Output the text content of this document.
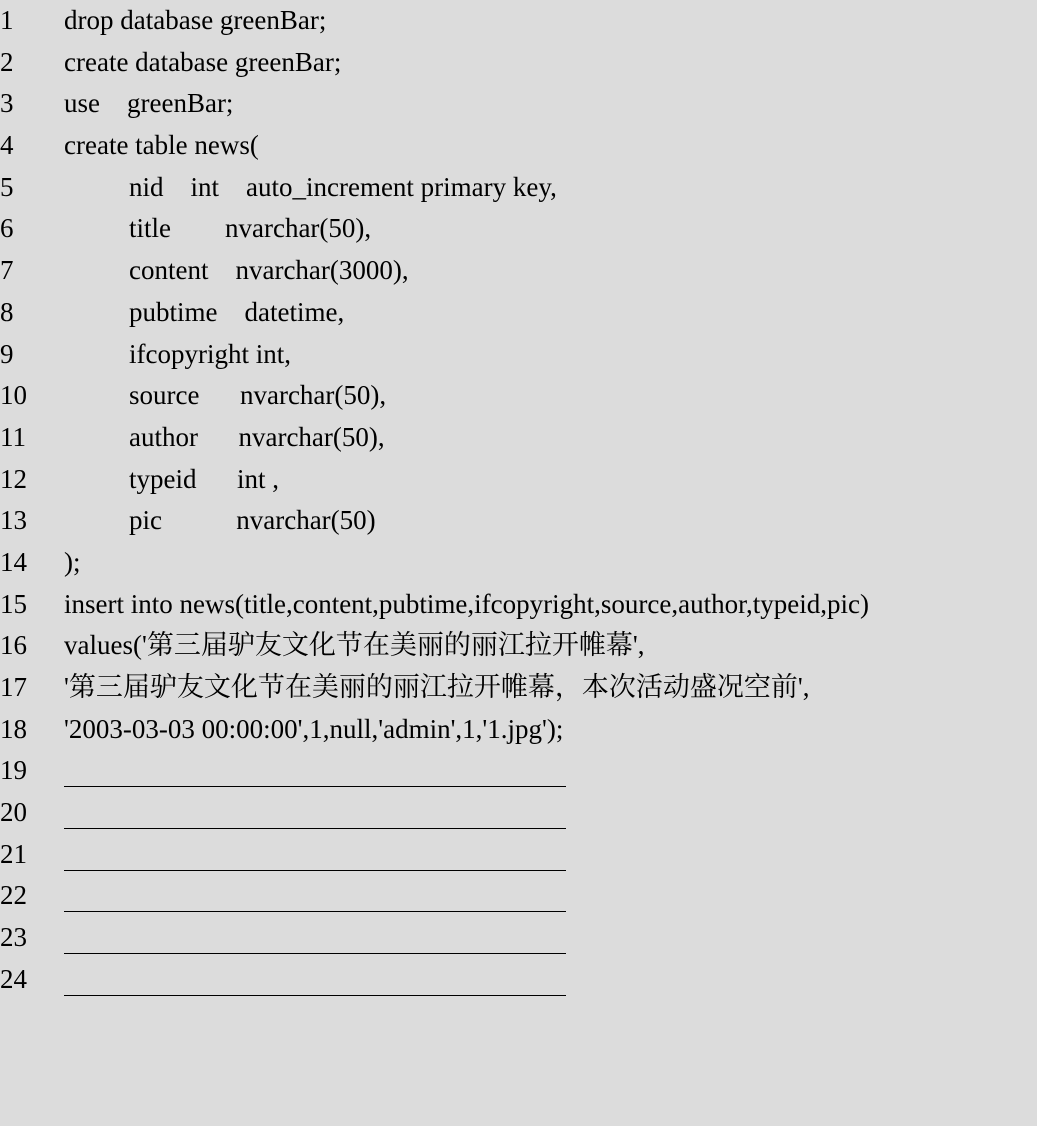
1

	drop database greenBar;

2

	create database greenBar;

3

	use    greenBar;

4

	create table news(

5

	nid    int    auto_increment primary key,

6

	title        nvarchar(50),

7

	content    nvarchar(3000),

8

	pubtime    datetime,

9

	ifcopyright int,

10

	source      nvarchar(50),

11

	author      nvarchar(50),

12

	typeid      int ,

13

	pic           nvarchar(50)

14

	);

15

	insert into news(title,content,pubtime,ifcopyright,source,author,typeid,pic)

16

	values('第三届驴友文化节在美丽的丽江拉开帷幕',

17

	'第三届驴友文化节在美丽的丽江拉开帷幕，本次活动盛况空前',

18

	'2003-03-03 00:00:00',1,null,'admin',1,'1.jpg');

19

20

21

22

23

24
